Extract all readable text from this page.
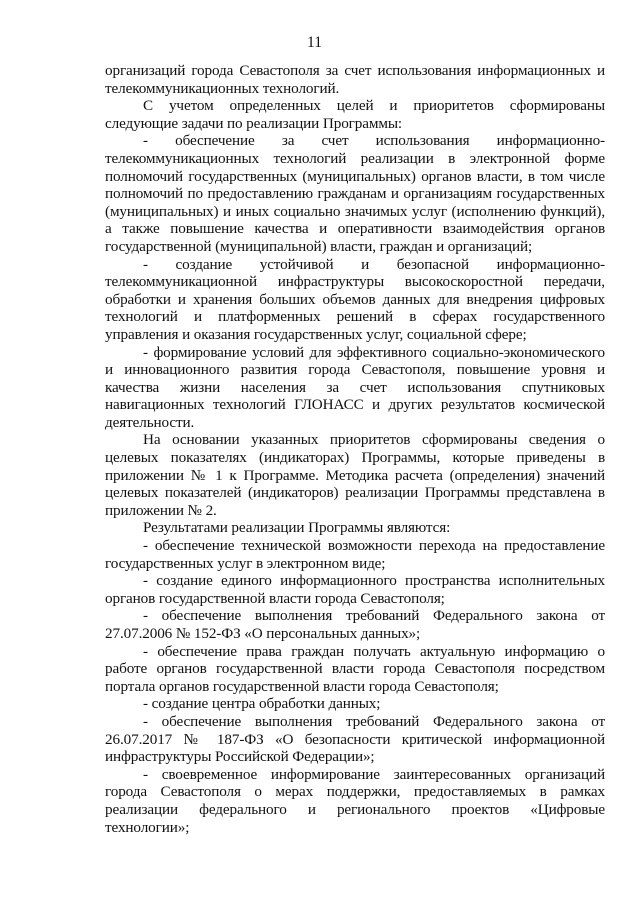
11

организаций города Севастополя за счет использования информационных и телекоммуникационных технологий.

С учетом определенных целей и приоритетов сформированы следующие задачи по реализации Программы:

- обеспечение за счет использования информационно-телекоммуникационных технологий реализации в электронной форме полномочий государственных (муниципальных) органов власти, в том числе полномочий по предоставлению гражданам и организациям государственных (муниципальных) и иных социально значимых услуг (исполнению функций), а также повышение качества и оперативности взаимодействия органов государственной (муниципальной) власти, граждан и организаций;

- создание устойчивой и безопасной информационно-телекоммуникационной инфраструктуры высокоскоростной передачи, обработки и хранения больших объемов данных для внедрения цифровых технологий и платформенных решений в сферах государственного управления и оказания государственных услуг, социальной сфере;

- формирование условий для эффективного социально-экономического и инновационного развития города Севастополя, повышение уровня и качества жизни населения за счет использования спутниковых навигационных технологий ГЛОНАСС и других результатов космической деятельности.

На основании указанных приоритетов сформированы сведения о целевых показателях (индикаторах) Программы, которые приведены в приложении № 1 к Программе. Методика расчета (определения) значений целевых показателей (индикаторов) реализации Программы представлена в приложении № 2.

Результатами реализации Программы являются:

- обеспечение технической возможности перехода на предоставление государственных услуг в электронном виде;

- создание единого информационного пространства исполнительных органов государственной власти города Севастополя;

- обеспечение выполнения требований Федерального закона от 27.07.2006 № 152-ФЗ «О персональных данных»;

- обеспечение права граждан получать актуальную информацию о работе органов государственной власти города Севастополя посредством портала органов государственной власти города Севастополя;

- создание центра обработки данных;

- обеспечение выполнения требований Федерального закона от 26.07.2017 № 187-ФЗ «О безопасности критической информационной инфраструктуры Российской Федерации»;

- своевременное информирование заинтересованных организаций города Севастополя о мерах поддержки, предоставляемых в рамках реализации федерального и регионального проектов «Цифровые технологии»;
